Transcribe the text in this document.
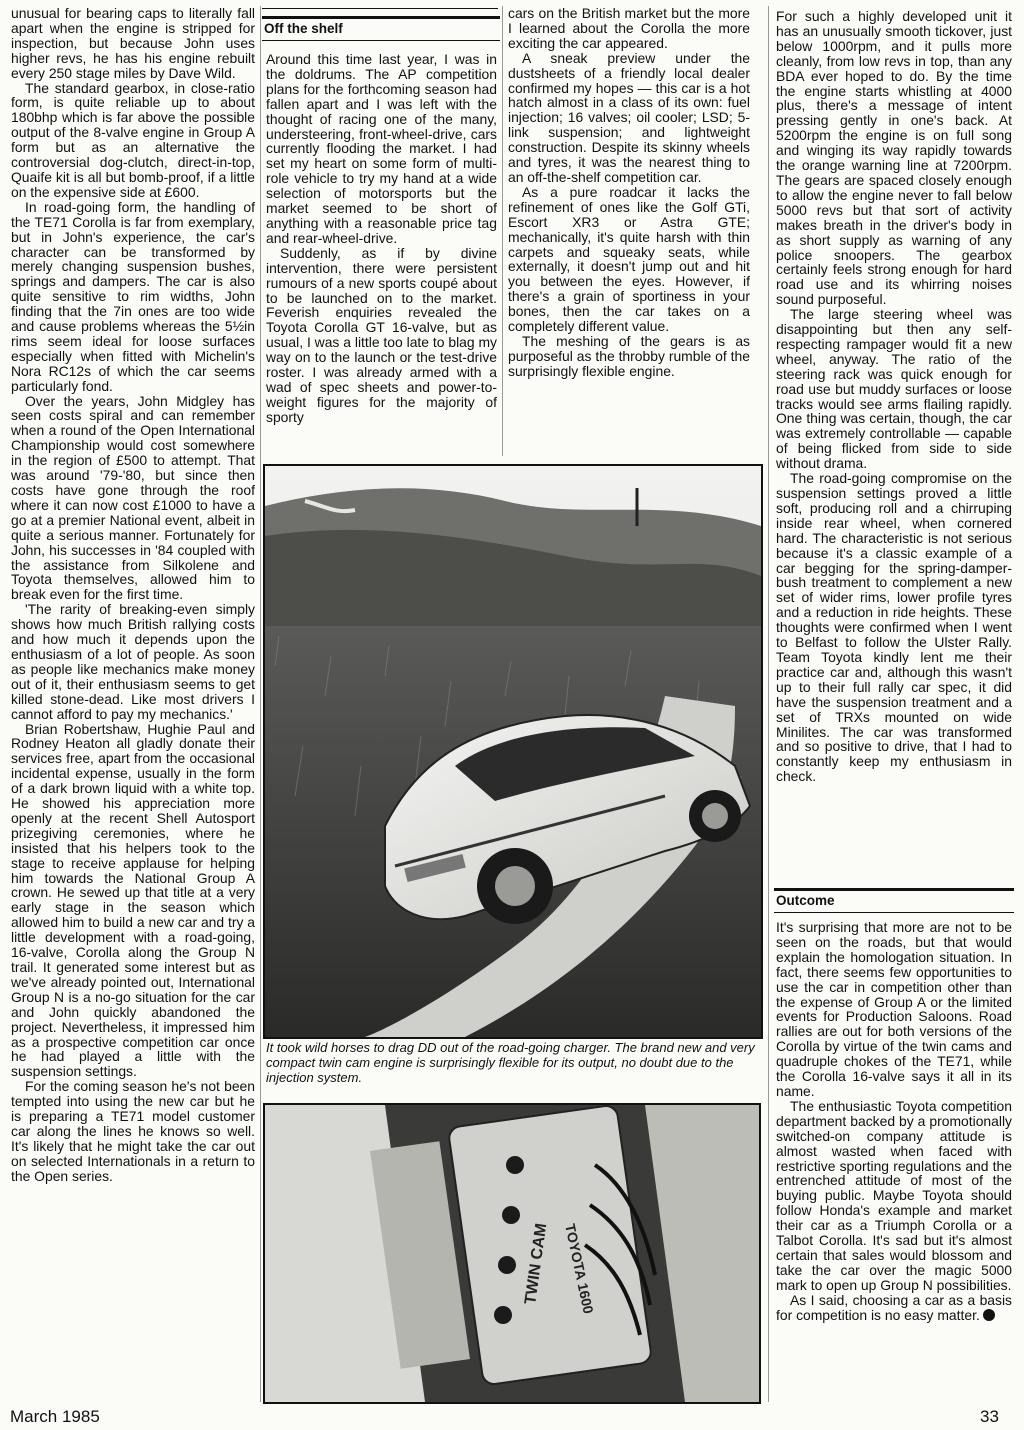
unusual for bearing caps to literally fall apart when the engine is stripped for inspection, but because John uses higher revs, he has his engine rebuilt every 250 stage miles by Dave Wild.

The standard gearbox, in close-ratio form, is quite reliable up to about 180bhp which is far above the possible output of the 8-valve engine in Group A form but as an alternative the controversial dog-clutch, direct-in-top, Quaife kit is all but bomb-proof, if a little on the expensive side at £600.

In road-going form, the handling of the TE71 Corolla is far from exemplary, but in John's experience, the car's character can be transformed by merely changing suspension bushes, springs and dampers. The car is also quite sensitive to rim widths, John finding that the 7in ones are too wide and cause problems whereas the 5½in rims seem ideal for loose surfaces especially when fitted with Michelin's Nora RC12s of which the car seems particularly fond.

Over the years, John Midgley has seen costs spiral and can remember when a round of the Open International Championship would cost somewhere in the region of £500 to attempt. That was around '79-'80, but since then costs have gone through the roof where it can now cost £1000 to have a go at a premier National event, albeit in quite a serious manner. Fortunately for John, his successes in '84 coupled with the assistance from Silkolene and Toyota themselves, allowed him to break even for the first time.

'The rarity of breaking-even simply shows how much British rallying costs and how much it depends upon the enthusiasm of a lot of people. As soon as people like mechanics make money out of it, their enthusiasm seems to get killed stone-dead. Like most drivers I cannot afford to pay my mechanics.'

Brian Robertshaw, Hughie Paul and Rodney Heaton all gladly donate their services free, apart from the occasional incidental expense, usually in the form of a dark brown liquid with a white top. He showed his appreciation more openly at the recent Shell Autosport prizegiving ceremonies, where he insisted that his helpers took to the stage to receive applause for helping him towards the National Group A crown. He sewed up that title at a very early stage in the season which allowed him to build a new car and try a little development with a road-going, 16-valve, Corolla along the Group N trail. It generated some interest but as we've already pointed out, International Group N is a no-go situation for the car and John quickly abandoned the project. Nevertheless, it impressed him as a prospective competition car once he had played a little with the suspension settings.

For the coming season he's not been tempted into using the new car but he is preparing a TE71 model customer car along the lines he knows so well. It's likely that he might take the car out on selected Internationals in a return to the Open series.

Off the shelf

Around this time last year, I was in the doldrums. The AP competition plans for the forthcoming season had fallen apart and I was left with the thought of racing one of the many, understeering, front-wheel-drive, cars currently flooding the market. I had set my heart on some form of multi-role vehicle to try my hand at a wide selection of motorsports but the market seemed to be short of anything with a reasonable price tag and rear-wheel-drive.

Suddenly, as if by divine intervention, there were persistent rumours of a new sports coupé about to be launched on to the market. Feverish enquiries revealed the Toyota Corolla GT 16-valve, but as usual, I was a little too late to blag my way on to the launch or the test-drive roster. I was already armed with a wad of spec sheets and power-to-weight figures for the majority of sporty

cars on the British market but the more I learned about the Corolla the more exciting the car appeared.

A sneak preview under the dustsheets of a friendly local dealer confirmed my hopes — this car is a hot hatch almost in a class of its own: fuel injection; 16 valves; oil cooler; LSD; 5-link suspension; and lightweight construction. Despite its skinny wheels and tyres, it was the nearest thing to an off-the-shelf competition car.

As a pure roadcar it lacks the refinement of ones like the Golf GTi, Escort XR3 or Astra GTE; mechanically, it's quite harsh with thin carpets and squeaky seats, while externally, it doesn't jump out and hit you between the eyes. However, if there's a grain of sportiness in your bones, then the car takes on a completely different value.

The meshing of the gears is as purposeful as the throbby rumble of the surprisingly flexible engine.

For such a highly developed unit it has an unusually smooth tickover, just below 1000rpm, and it pulls more cleanly, from low revs in top, than any BDA ever hoped to do. By the time the engine starts whistling at 4000 plus, there's a message of intent pressing gently in one's back. At 5200rpm the engine is on full song and winging its way rapidly towards the orange warning line at 7200rpm. The gears are spaced closely enough to allow the engine never to fall below 5000 revs but that sort of activity makes breath in the driver's body in as short supply as warning of any police snoopers. The gearbox certainly feels strong enough for hard road use and its whirring noises sound purposeful.

The large steering wheel was disappointing but then any self-respecting rampager would fit a new wheel, anyway. The ratio of the steering rack was quick enough for road use but muddy surfaces or loose tracks would see arms flailing rapidly. One thing was certain, though, the car was extremely controllable — capable of being flicked from side to side without drama.

The road-going compromise on the suspension settings proved a little soft, producing roll and a chirruping inside rear wheel, when cornered hard. The characteristic is not serious because it's a classic example of a car begging for the spring-damper-bush treatment to complement a new set of wider rims, lower profile tyres and a reduction in ride heights. These thoughts were confirmed when I went to Belfast to follow the Ulster Rally. Team Toyota kindly lent me their practice car and, although this wasn't up to their full rally car spec, it did have the suspension treatment and a set of TRXs mounted on wide Minilites. The car was transformed and so positive to drive, that I had to constantly keep my enthusiasm in check.

Outcome

It's surprising that more are not to be seen on the roads, but that would explain the homologation situation. In fact, there seems few opportunities to use the car in competition other than the expense of Group A or the limited events for Production Saloons. Road rallies are out for both versions of the Corolla by virtue of the twin cams and quadruple chokes of the TE71, while the Corolla 16-valve says it all in its name.

The enthusiastic Toyota competition department backed by a promotionally switched-on company attitude is almost wasted when faced with restrictive sporting regulations and the entrenched attitude of most of the buying public. Maybe Toyota should follow Honda's example and market their car as a Triumph Corolla or a Talbot Corolla. It's sad but it's almost certain that sales would blossom and take the car over the magic 5000 mark to open up Group N possibilities.

As I said, choosing a car as a basis for competition is no easy matter.

It took wild horses to drag DD out of the road-going charger. The brand new and very compact twin cam engine is surprisingly flexible for its output, no doubt due to the injection system.
TWIN CAM TOYOTA 1600
March 1985	33
